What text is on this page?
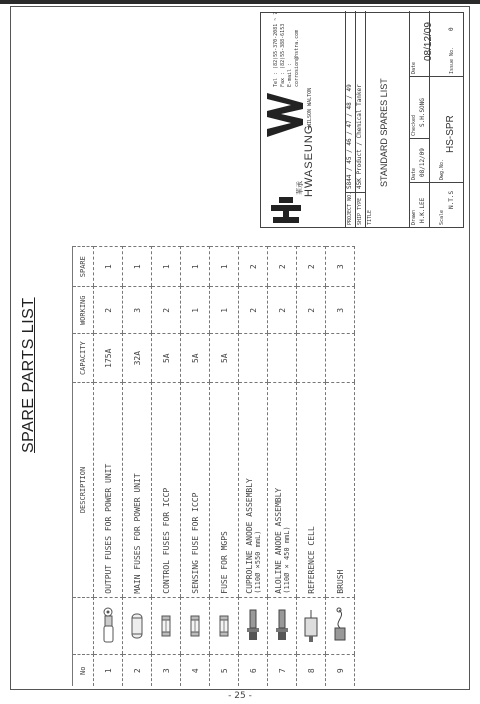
- 25 -
SPARE PARTS LIST
No		DESCRIPTION	CAPACITY	WORKING	SPARE
1		OUTPUT FUSES FOR POWER UNIT	175A	2	1
2		MAIN FUSES FOR POWER UNIT	32A	3	1
3		CONTROL FUSES FOR ICCP	5A	2	1
4		SENSING FUSE FOR ICCP	5A	1	1
5		FUSE FOR MGPS	5A	1	1
6		CUPROLINE ANODE ASSEMBLY (110Ø ×550 mmL)		2	2
7		ALOLINE ANODE ASSEMBLY (110Ø × 450 mmL)		2	2
8		REFERENCE CELL		2	2
9		BRUSH		3	3
華承 HWASEUNG
WILSON WALTON
Tel : (82)55-370-2081 ~ 7 Fax : (82)55-388-6153 E-mail : corrosion@hstra.com
PROJECT NO.
S844 / 45 / 46 / 47 / 48 / 49
SHIP TYPE
45K Product / Chemical Tanker
TITLE
STANDARD SPARES LIST
Drawn H.K.LEE
Date 08/12/09
Checked S.H.SONG
Date
08/12/09
Scale
N.T.S
Dwg.No.
HS-SPR
Issue No.
0
